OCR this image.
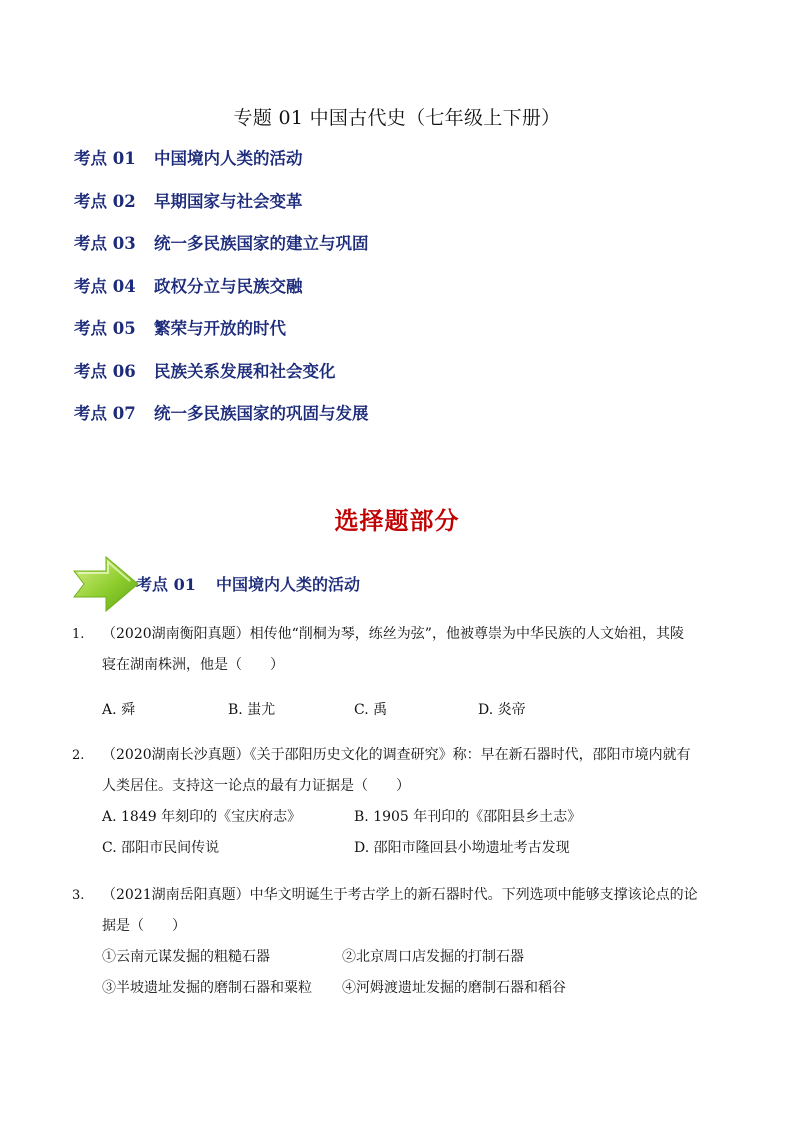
专题 01 中国古代史（七年级上下册）
考点 01 中国境内人类的活动
考点 02 早期国家与社会变革
考点 03 统一多民族国家的建立与巩固
考点 04 政权分立与民族交融
考点 05 繁荣与开放的时代
考点 06 民族关系发展和社会变化
考点 07 统一多民族国家的巩固与发展
选择题部分
考点 01 中国境内人类的活动
1. （2020湖南衡阳真题）相传他“削桐为琴，练丝为弦”，他被尊崇为中华民族的人文始祖，其陵
寝在湖南株洲，他是（　　）
A. 舜	B. 蚩尤	C. 禹	D. 炎帝
2. （2020湖南长沙真题）《关于邵阳历史文化的调查研究》称：早在新石器时代，邵阳市境内就有
人类居住。支持这一论点的最有力证据是（　　）
A. 1849 年刻印的《宝庆府志》	B. 1905 年刊印的《邵阳县乡土志》
C. 邵阳市民间传说	D. 邵阳市隆回县小坳遗址考古发现
3. （2021湖南岳阳真题）中华文明诞生于考古学上的新石器时代。下列选项中能够支撑该论点的论
据是（　　）
①云南元谋发掘的粗糙石器	②北京周口店发掘的打制石器
③半坡遗址发掘的磨制石器和粟粒 ④河姆渡遗址发掘的磨制石器和稻谷
